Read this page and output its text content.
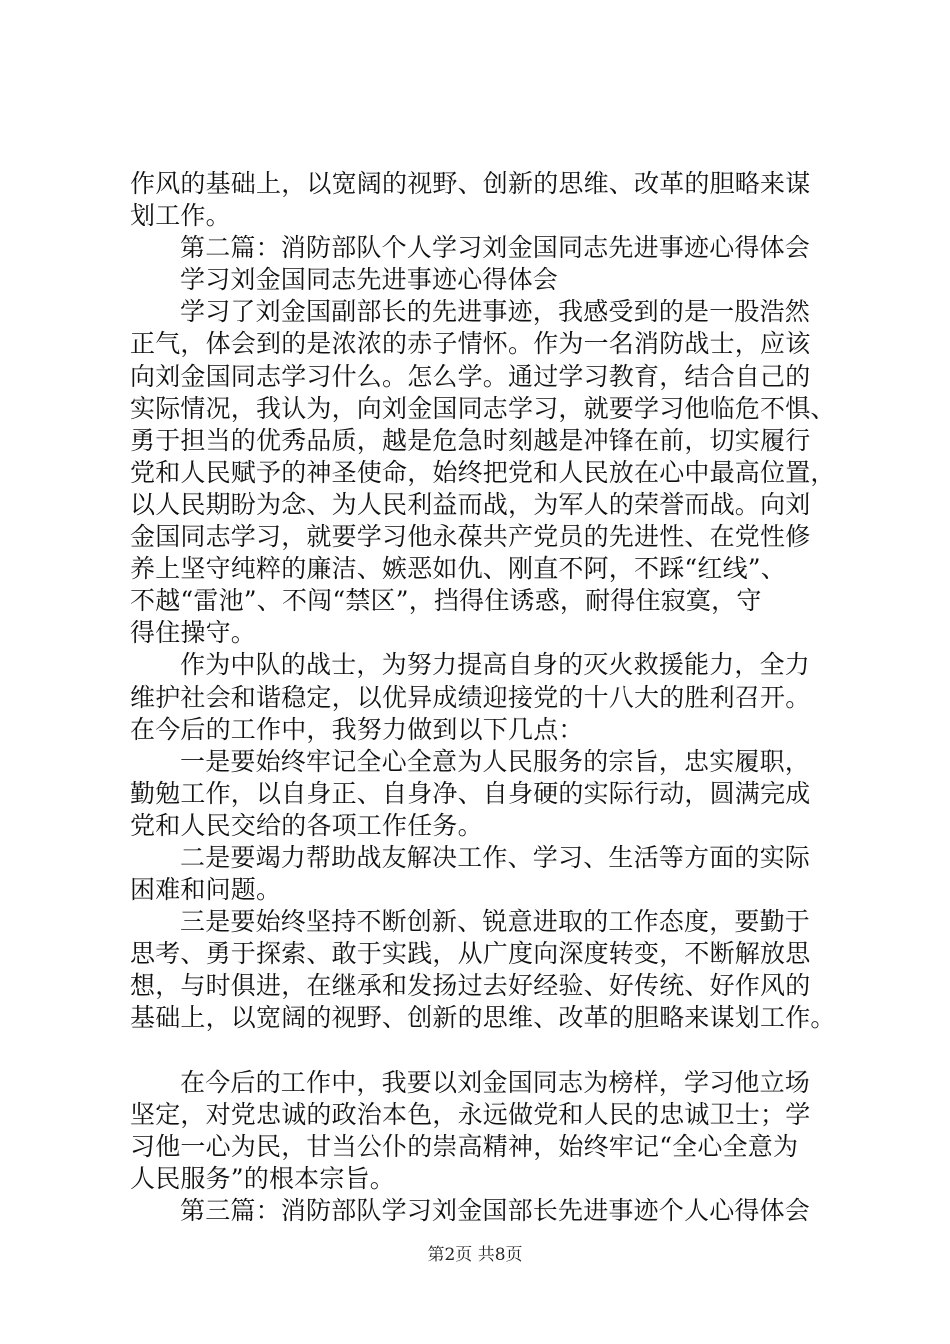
作风的基础上，以宽阔的视野、创新的思维、改革的胆略来谋
划工作。
第二篇：消防部队个人学习刘金国同志先进事迹心得体会
学习刘金国同志先进事迹心得体会
学习了刘金国副部长的先进事迹，我感受到的是一股浩然
正气，体会到的是浓浓的赤子情怀。作为一名消防战士，应该
向刘金国同志学习什么。怎么学。通过学习教育，结合自己的
实际情况，我认为，向刘金国同志学习，就要学习他临危不惧、
勇于担当的优秀品质，越是危急时刻越是冲锋在前，切实履行
党和人民赋予的神圣使命，始终把党和人民放在心中最高位置，
以人民期盼为念、为人民利益而战，为军人的荣誉而战。向刘
金国同志学习，就要学习他永葆共产党员的先进性、在党性修
养上坚守纯粹的廉洁、嫉恶如仇、刚直不阿，不踩“红线”、
不越“雷池”、不闯“禁区”，挡得住诱惑，耐得住寂寞，守
得住操守。
作为中队的战士，为努力提高自身的灭火救援能力，全力
维护社会和谐稳定，以优异成绩迎接党的十八大的胜利召开。
在今后的工作中，我努力做到以下几点：
一是要始终牢记全心全意为人民服务的宗旨，忠实履职，
勤勉工作，以自身正、自身净、自身硬的实际行动，圆满完成
党和人民交给的各项工作任务。
二是要竭力帮助战友解决工作、学习、生活等方面的实际
困难和问题。
三是要始终坚持不断创新、锐意进取的工作态度，要勤于
思考、勇于探索、敢于实践，从广度向深度转变，不断解放思
想，与时俱进，在继承和发扬过去好经验、好传统、好作风的
基础上，以宽阔的视野、创新的思维、改革的胆略来谋划工作。
在今后的工作中，我要以刘金国同志为榜样，学习他立场
坚定，对党忠诚的政治本色，永远做党和人民的忠诚卫士；学
习他一心为民，甘当公仆的崇高精神，始终牢记“全心全意为
人民服务”的根本宗旨。
第三篇：消防部队学习刘金国部长先进事迹个人心得体会
第2页 共8页
